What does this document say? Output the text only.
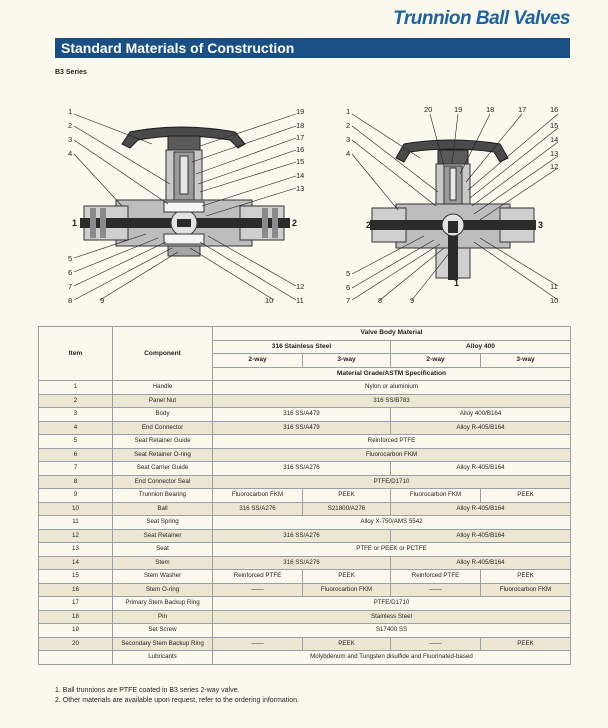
Trunnion Ball Valves
Standard Materials of Construction
B3 Series
1
2
3
4
19
18
17
16
15
14
13
5
6
7
8	9	10	11
12
1	2
1
2
3
4
20	19	18	17	16
15
14
13
12
5
6
7	8	9
11
10
2	3
1
Item	Component	Valve Body Material			
		316 Stainless Steel		Alloy 400	
		2-way	3-way	2-way	3-way
		Material Grade/ASTM Specification			
1	Handle	Nylon or aluminium			
2	Panel Nut	316 SS/B783			
3	Body	316 SS/A479		Alloy 400/B164	
4	End Connector	316 SS/A479		Alloy R-405/B164	
5	Seat Retainer Guide	Reinforced PTFE			
6	Seat Retainer O-ring	Fluorocarbon FKM			
7	Seat Carrier Guide	316 SS/A276		Alloy R-405/B164	
8	End Connector Seal	PTFE/D1710			
9	Trunnion Bearing	Fluorocarbon FKM	PEEK	Fluorocarbon FKM	PEEK
10	Ball	316 SS/A276	S21800/A276	Alloy R-405/B164	
11	Seat Spring	Alloy X-750/AMS 5542			
12	Seat Retainer	316 SS/A276		Alloy R-405/B164	
13	Seat	PTFE or PEEK or PCTFE			
14	Stem	316 SS/A276		Alloy R-405/B164	
15	Stem Washer	Reinforced PTFE	PEEK	Reinforced PTFE	PEEK
16	Stem O-ring	——	Fluorocarbon FKM	——	Fluorocarbon FKM
17	Primary Stem Backup Ring	PTFE/D1710			
18	Pin	Stainless Steel			
19	Set Screw	S17400 SS			
20	Secondary Stem Backup Ring	——	PEEK	——	PEEK
	Lubricants	Molybdenum and Tungsten disulfide and Fluorinated-based			
1. Ball trunnions are PTFE coated in B3 series 2-way valve.
2. Other materials are available upon request, refer to the ordering information.
